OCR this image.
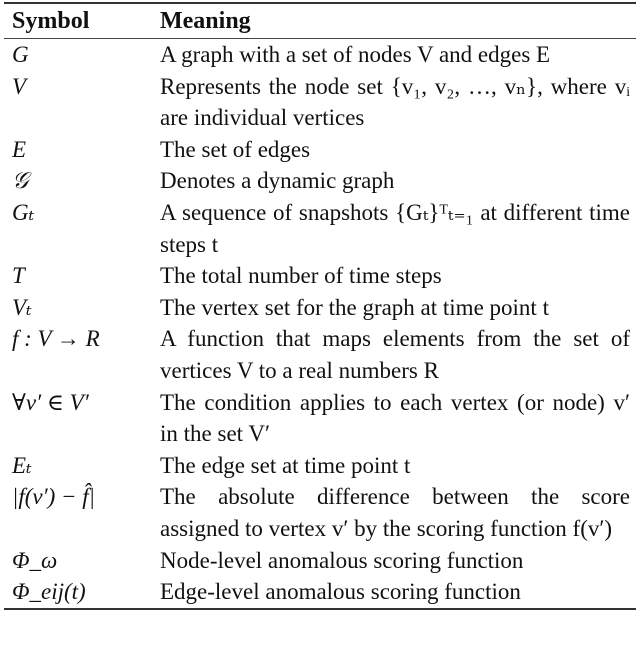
Symbol	Meaning
G	A graph with a set of nodes V and edges E
V	Represents the node set {v₁, v₂, …, vₙ}, where vᵢ are individual vertices
E	The set of edges
𝒢	Denotes a dynamic graph
Gₜ	A sequence of snapshots {Gₜ}ᵀₜ₌₁ at different time steps t
T	The total number of time steps
Vₜ	The vertex set for the graph at time point t
f : V → R	A function that maps elements from the set of vertices V to a real numbers R
∀v′ ∈ V′	The condition applies to each vertex (or node) v′ in the set V′
Eₜ	The edge set at time point t
|f(v′) − f̂|	The absolute difference between the score assigned to vertex v′ by the scoring function f(v′)
Φ_ω	Node-level anomalous scoring function
Φ_eij(t)	Edge-level anomalous scoring function
